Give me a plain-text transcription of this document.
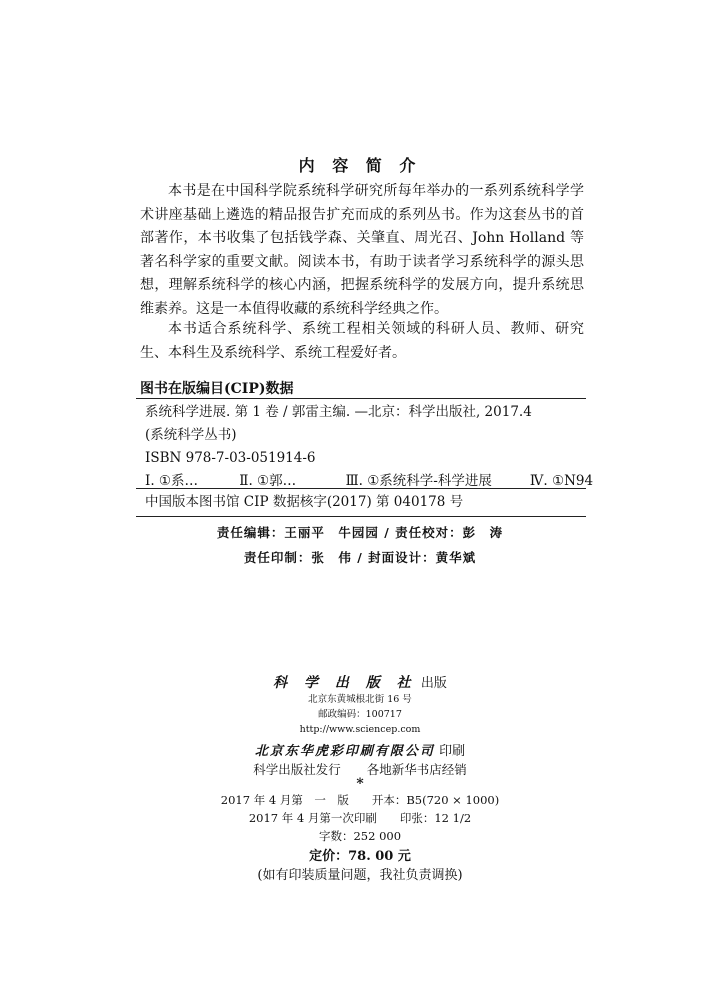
内 容 简 介

本书是在中国科学院系统科学研究所每年举办的一系列系统科学学术讲座基础上遴选的精品报告扩充而成的系列丛书。作为这套丛书的首部著作，本书收集了包括钱学森、关肇直、周光召、John Holland 等著名科学家的重要文献。阅读本书，有助于读者学习系统科学的源头思想，理解系统科学的核心内涵，把握系统科学的发展方向，提升系统思维素养。这是一本值得收藏的系统科学经典之作。

本书适合系统科学、系统工程相关领域的科研人员、教师、研究生、本科生及系统科学、系统工程爱好者。

图书在版编目(CIP)数据
系统科学进展. 第 1 卷 / 郭雷主编. —北京：科学出版社, 2017.4
(系统科学丛书)
ISBN 978-7-03-051914-6
Ⅰ. ①系…	Ⅱ. ①郭…	Ⅲ. ①系统科学-科学进展	Ⅳ. ①N94
中国版本图书馆 CIP 数据核字(2017) 第 040178 号
责任编辑：王丽平　牛园园 / 责任校对：彭　涛
责任印制：张　伟 / 封面设计：黄华斌
科 学 出 版 社 出版
北京东黄城根北街 16 号
邮政编码：100717
http://www.sciencep.com
北京东华虎彩印刷有限公司 印刷
科学出版社发行 各地新华书店经销
*
2017 年 4 月第　一　版　　开本：B5(720 × 1000)
2017 年 4 月第一次印刷　　印张：12 1/2
字数：252 000
定价：78. 00 元
(如有印装质量问题，我社负责调换)
